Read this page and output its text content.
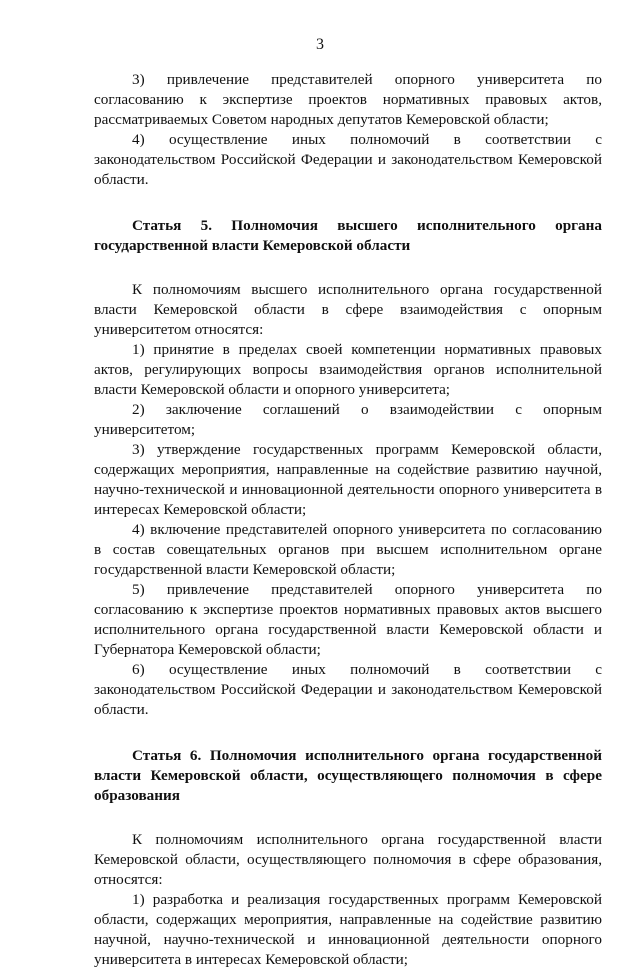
3

3) привлечение представителей опорного университета по согласованию к экспертизе проектов нормативных правовых актов, рассматриваемых Советом народных депутатов Кемеровской области;

4) осуществление иных полномочий в соответствии с законодательством Российской Федерации и законодательством Кемеровской области.

Статья 5. Полномочия высшего исполнительного органа государственной власти Кемеровской области

К полномочиям высшего исполнительного органа государственной власти Кемеровской области в сфере взаимодействия с опорным университетом относятся:

1) принятие в пределах своей компетенции нормативных правовых актов, регулирующих вопросы взаимодействия органов исполнительной власти Кемеровской области и опорного университета;

2) заключение соглашений о взаимодействии с опорным университетом;

3) утверждение государственных программ Кемеровской области, содержащих мероприятия, направленные на содействие развитию научной, научно-технической и инновационной деятельности опорного университета в интересах Кемеровской области;

4) включение представителей опорного университета по согласованию в состав совещательных органов при высшем исполнительном органе государственной власти Кемеровской области;

5) привлечение представителей опорного университета по согласованию к экспертизе проектов нормативных правовых актов высшего исполнительного органа государственной власти Кемеровской области и Губернатора Кемеровской области;

6) осуществление иных полномочий в соответствии с законодательством Российской Федерации и законодательством Кемеровской области.

Статья 6. Полномочия исполнительного органа государственной власти Кемеровской области, осуществляющего полномочия в сфере образования

К полномочиям исполнительного органа государственной власти Кемеровской области, осуществляющего полномочия в сфере образования, относятся:

1) разработка и реализация государственных программ Кемеровской области, содержащих мероприятия, направленные на содействие развитию научной, научно-технической и инновационной деятельности опорного университета в интересах Кемеровской области;
